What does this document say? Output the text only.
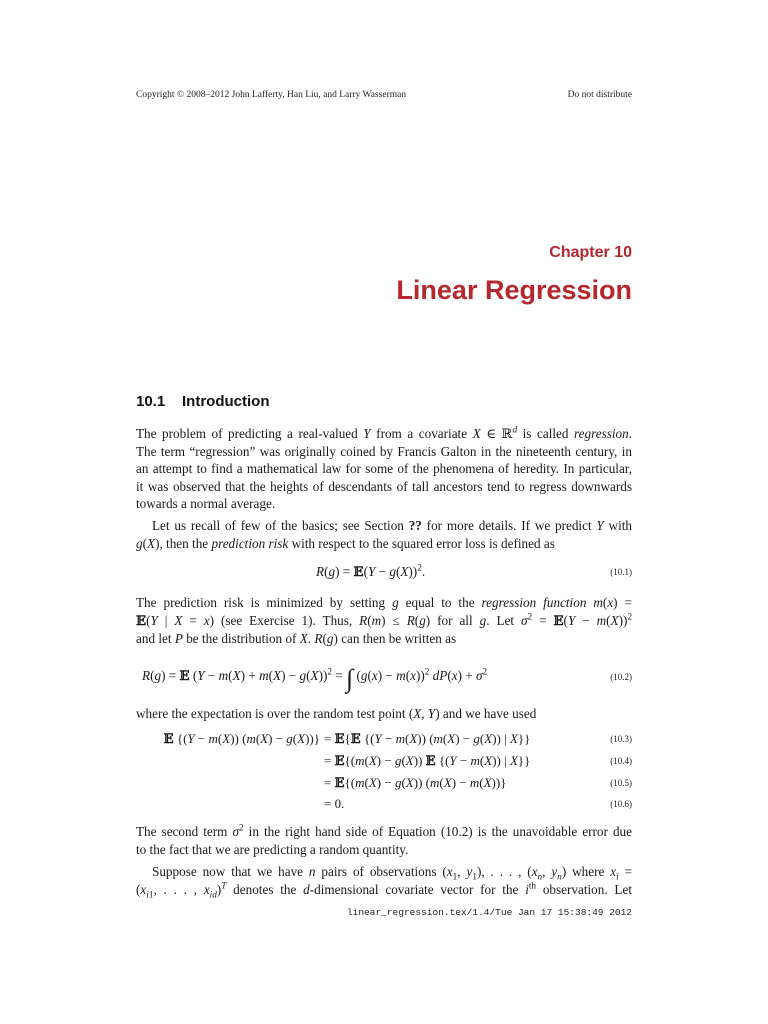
Copyright © 2008–2012 John Lafferty, Han Liu, and Larry Wasserman	Do not distribute
Chapter 10
Linear Regression
10.1 Introduction
The problem of predicting a real-valued Y from a covariate X ∈ ℝ$^d$ is called regression.
The term “regression” was originally coined by Francis Galton in the nineteenth century, in
an attempt to find a mathematical law for some of the phenomena of heredity. In particular,
it was observed that the heights of descendants of tall ancestors tend to regress downwards
towards a normal average.
Let us recall of few of the basics; see Section ?? for more details. If we predict Y with
g(X), then the prediction risk with respect to the squared error loss is defined as
R(g) = 𝔼(Y − g(X))$^2$.	(10.1)
The prediction risk is minimized by setting g equal to the regression function m(x) =
𝔼(Y | X = x) (see Exercise 1). Thus, R(m) ≤ R(g) for all g. Let $\sigma^2$ = 𝔼(Y − m(X))$^2$
and let P be the distribution of X. R(g) can then be written as
R(g) = 𝔼 $(Y - m(X) + m(X) - g(X))^2$ = ∫ $(g(x) - m(x))^2$ $dP(x) + \sigma^2$
(10.2)
where the expectation is over the random test point (X, Y) and we have used
𝔼 {(Y − m(X)) (m(X) − g(X))} = 𝔼{𝔼 {(Y − m(X)) (m(X) − g(X)) | X}}	(10.3)
= 𝔼{(m(X) − g(X)) 𝔼 {(Y − m(X)) | X}}	(10.4)
= 𝔼{(m(X) − g(X)) (m(X) − m(X))}	(10.5)
= 0.	(10.6)
The second term $\sigma^2$ in the right hand side of Equation (10.2) is the unavoidable error due
to the fact that we are predicting a random quantity.
Suppose now that we have n pairs of observations ($x_1$, $y_1$), . . . , ($x_n$, $y_n$) where $x_i$ =
($x_{i1}$, . . . , $x_{id})^T$ denotes the d-dimensional covariate vector for the $i^{th}$ observation. Let
linear_regression.tex/1.4/Tue Jan 17 15:38:49 2012
